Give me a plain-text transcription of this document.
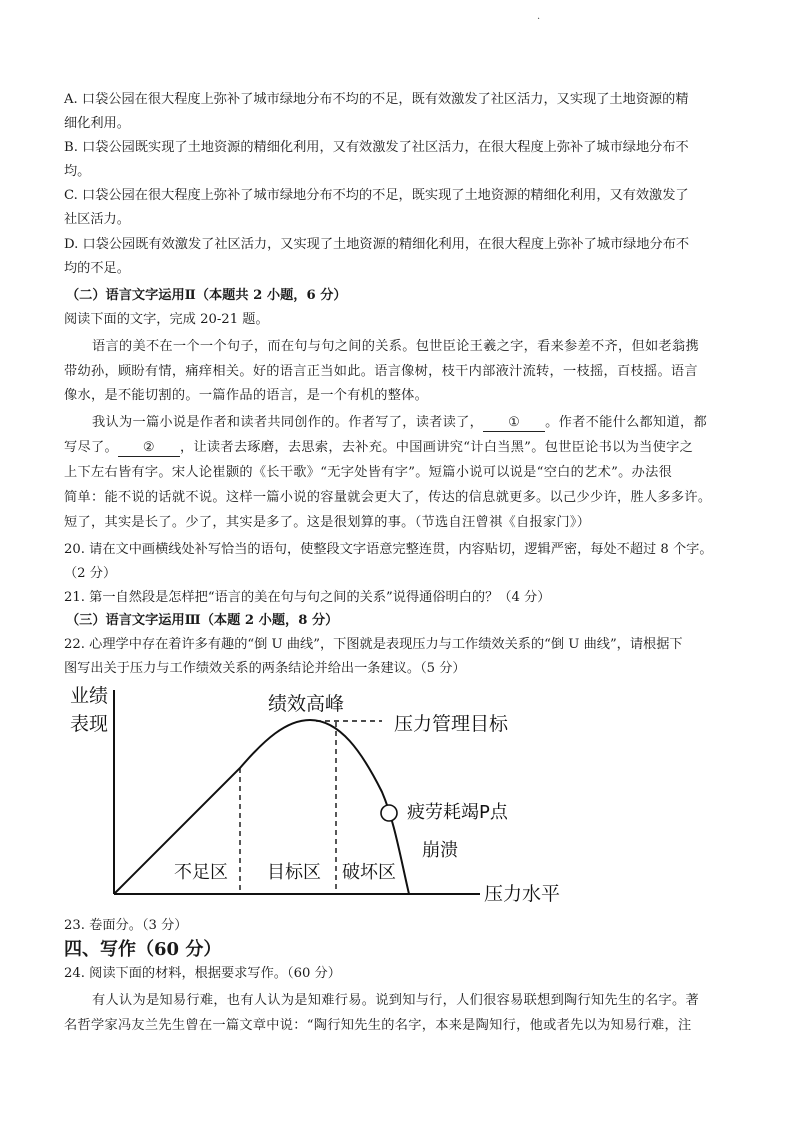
·
A. 口袋公园在很大程度上弥补了城市绿地分布不均的不足，既有效激发了社区活力，又实现了土地资源的精
细化利用。
B. 口袋公园既实现了土地资源的精细化利用，又有效激发了社区活力，在很大程度上弥补了城市绿地分布不
均。
C. 口袋公园在很大程度上弥补了城市绿地分布不均的不足，既实现了土地资源的精细化利用，又有效激发了
社区活力。
D. 口袋公园既有效激发了社区活力，又实现了土地资源的精细化利用，在很大程度上弥补了城市绿地分布不
均的不足。
（二）语言文字运用Ⅱ（本题共 2 小题，6 分）
阅读下面的文字，完成 20-21 题。
语言的美不在一个一个句子，而在句与句之间的关系。包世臣论王羲之字，看来参差不齐，但如老翁携
带幼孙，顾盼有情，痛痒相关。好的语言正当如此。语言像树，枝干内部液汁流转，一枝摇，百枝摇。语言
像水，是不能切割的。一篇作品的语言，是一个有机的整体。
我认为一篇小说是作者和读者共同创作的。作者写了，读者读了， ① 。作者不能什么都知道，都
写尽了。 ② ，让读者去琢磨，去思索，去补充。中国画讲究“计白当黑”。包世臣论书以为当使字之
上下左右皆有字。宋人论崔颢的《长干歌》“无字处皆有字”。短篇小说可以说是“空白的艺术”。办法很
简单：能不说的话就不说。这样一篇小说的容量就会更大了，传达的信息就更多。以己少少许，胜人多多许。
短了，其实是长了。少了，其实是多了。这是很划算的事。（节选自汪曾祺《自报家门》）
20. 请在文中画横线处补写恰当的语句，使整段文字语意完整连贯，内容贴切，逻辑严密，每处不超过 8 个字。
（2 分）
21. 第一自然段是怎样把“语言的美在句与句之间的关系”说得通俗明白的？（4 分）
（三）语言文字运用Ⅲ（本题 2 小题，8 分）
22. 心理学中存在着许多有趣的“倒 U 曲线”，下图就是表现压力与工作绩效关系的“倒 U 曲线”，请根据下
图写出关于压力与工作绩效关系的两条结论并给出一条建议。（5 分）
业绩
表现
绩效高峰
压力管理目标
疲劳耗竭P点
崩溃
不足区 目标区 破坏区
压力水平
23. 卷面分。（3 分）
四、写作（60 分）
24. 阅读下面的材料，根据要求写作。（60 分）
有人认为是知易行难，也有人认为是知难行易。说到知与行，人们很容易联想到陶行知先生的名字。著
名哲学家冯友兰先生曾在一篇文章中说：“陶行知先生的名字，本来是陶知行，他或者先以为知易行难，注
